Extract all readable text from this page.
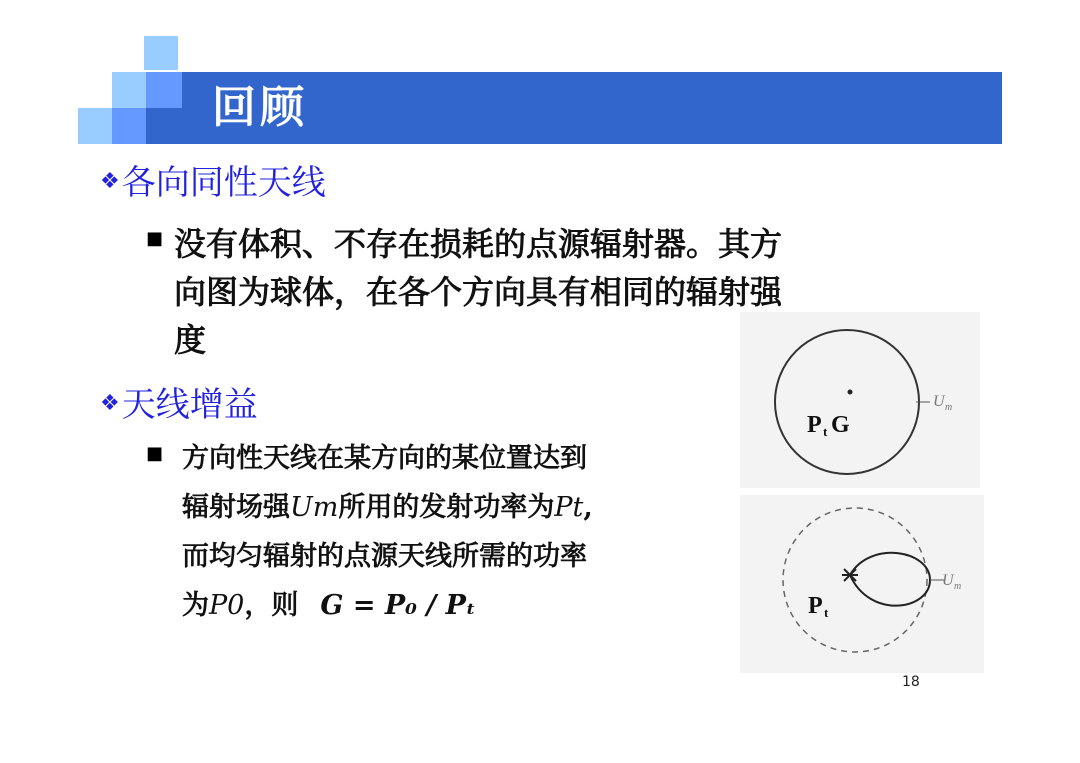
回顾
❖各向同性天线
■ 没有体积、不存在损耗的点源辐射器。其方
向图为球体，在各个方向具有相同的辐射强
度
❖天线增益
■ 方向性天线在某方向的某位置达到
辐射场强Um所用的发射功率为Pt,
而均匀辐射的点源天线所需的功率
为P0，则 G = P₀ / Pₜ
P t G
U m
P t
U m
18
